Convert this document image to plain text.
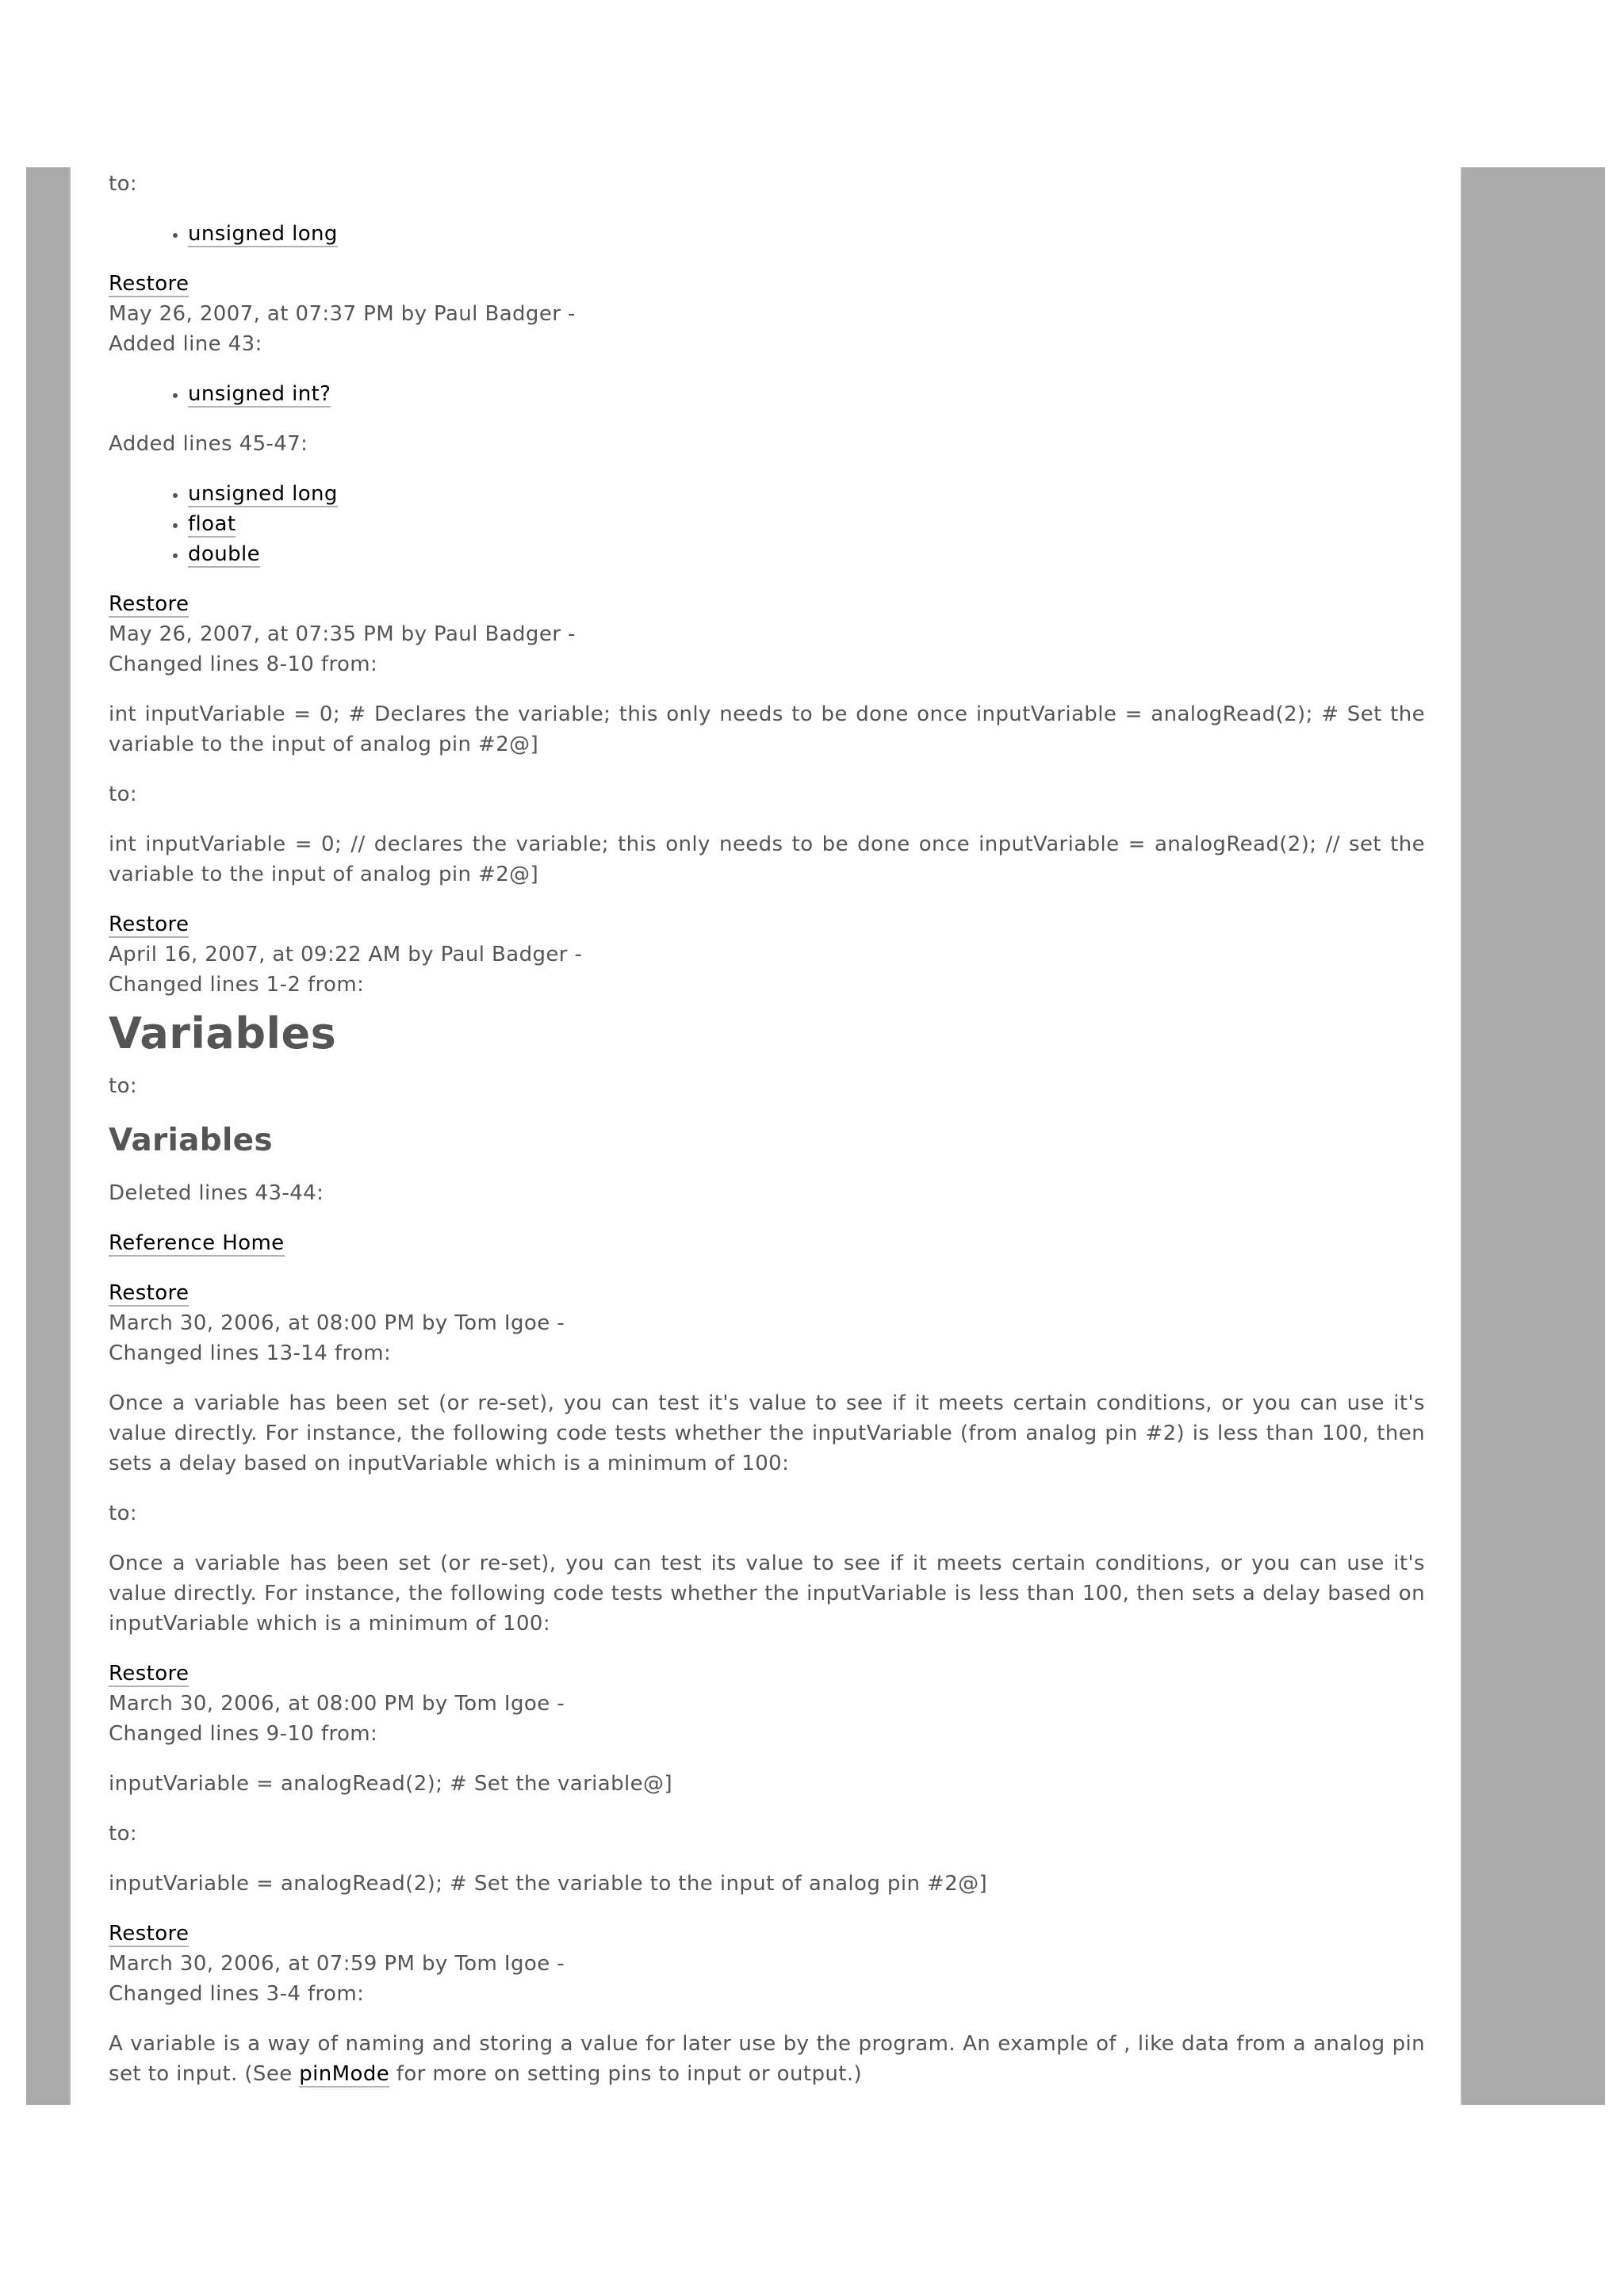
to:

• unsigned long
Restore
May 26, 2007, at 07:37 PM by Paul Badger -
Added line 43:
• unsigned int?

Added lines 45-47:

• unsigned long
• float
• double
Restore
May 26, 2007, at 07:35 PM by Paul Badger -
Changed lines 8-10 from:

int inputVariable = 0; # Declares the variable; this only needs to be done once inputVariable = analogRead(2); # Set the variable to the input of analog pin #2@]

to:

int inputVariable = 0; // declares the variable; this only needs to be done once inputVariable = analogRead(2); // set the variable to the input of analog pin #2@]

Restore
April 16, 2007, at 09:22 AM by Paul Badger -
Changed lines 1-2 from:
Variables

to:

Variables

Deleted lines 43-44:

Reference Home

Restore
March 30, 2006, at 08:00 PM by Tom Igoe -
Changed lines 13-14 from:

Once a variable has been set (or re-set), you can test it's value to see if it meets certain conditions, or you can use it's value directly. For instance, the following code tests whether the inputVariable (from analog pin #2) is less than 100, then sets a delay based on inputVariable which is a minimum of 100:

to:

Once a variable has been set (or re-set), you can test its value to see if it meets certain conditions, or you can use it's value directly. For instance, the following code tests whether the inputVariable is less than 100, then sets a delay based on inputVariable which is a minimum of 100:

Restore
March 30, 2006, at 08:00 PM by Tom Igoe -
Changed lines 9-10 from:

inputVariable = analogRead(2); # Set the variable@]

to:

inputVariable = analogRead(2); # Set the variable to the input of analog pin #2@]

Restore
March 30, 2006, at 07:59 PM by Tom Igoe -
Changed lines 3-4 from:

A variable is a way of naming and storing a value for later use by the program. An example of , like data from a analog pin set to input. (See pinMode for more on setting pins to input or output.)
